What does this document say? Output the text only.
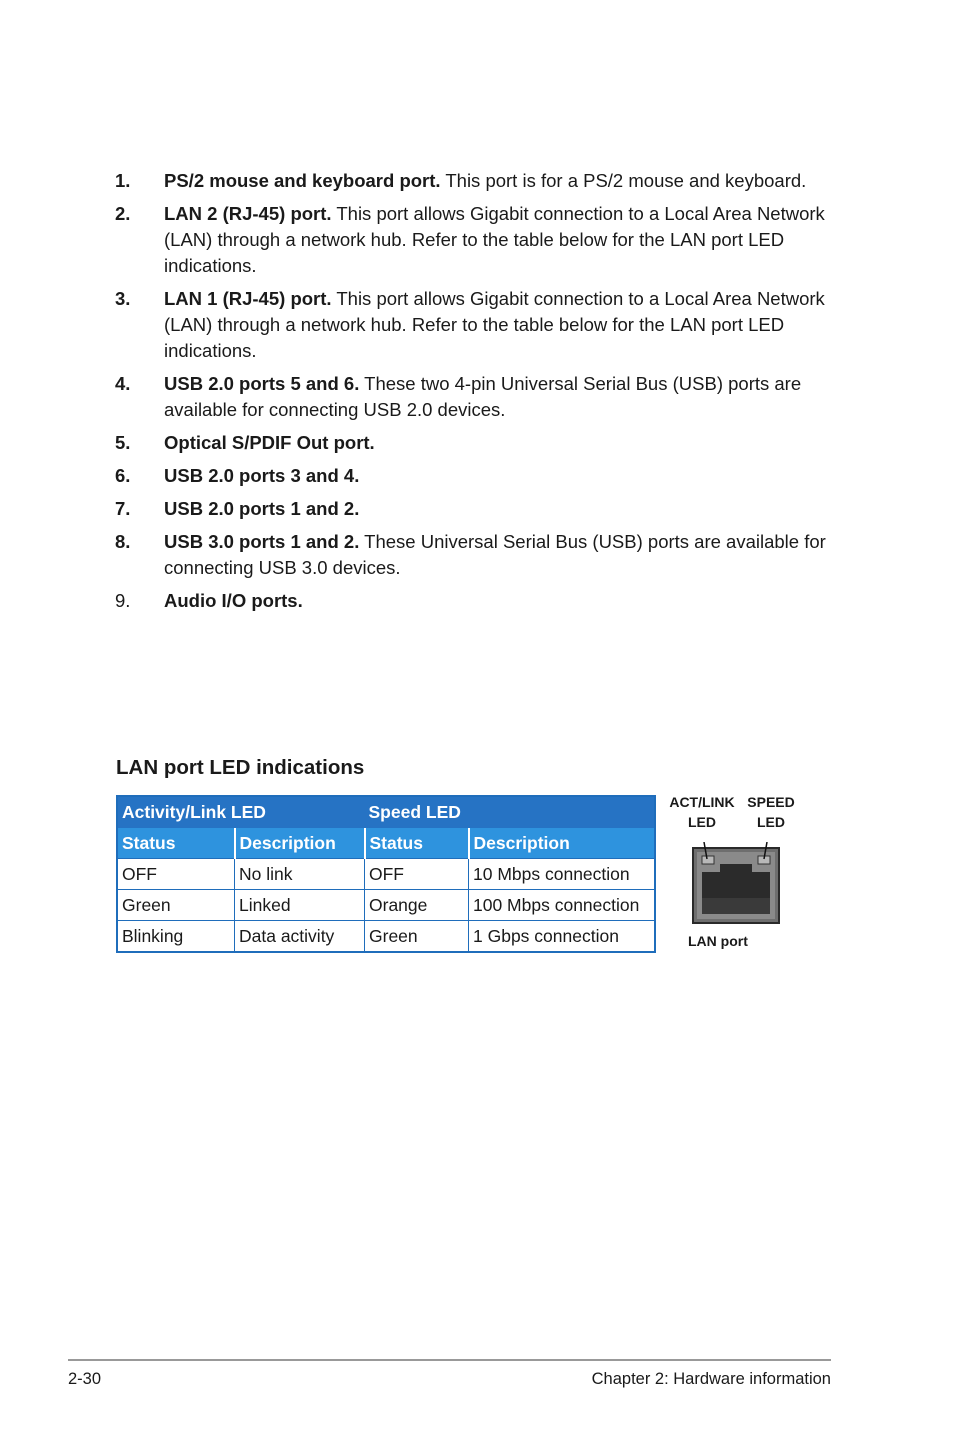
1.	PS/2 mouse and keyboard port. This port is for a PS/2 mouse and keyboard.
2.	LAN 2 (RJ-45) port. This port allows Gigabit connection to a Local Area Network (LAN) through a network hub. Refer to the table below for the LAN port LED indications.
3.	LAN 1 (RJ-45) port. This port allows Gigabit connection to a Local Area Network (LAN) through a network hub. Refer to the table below for the LAN port LED indications.
4.	USB 2.0 ports 5 and 6. These two 4-pin Universal Serial Bus (USB) ports are available for connecting USB 2.0 devices.
5.	Optical S/PDIF Out port.
6.	USB 2.0 ports 3 and 4.
7.	USB 2.0 ports 1 and 2.
8.	USB 3.0 ports 1 and 2. These Universal Serial Bus (USB) ports are available for connecting USB 3.0 devices.
9.	Audio I/O ports.
LAN port LED indications
Activity/Link LED		Speed LED	
Status	Description	Status	Description
OFF	No link	OFF	10 Mbps connection
Green	Linked	Orange	100 Mbps connection
Blinking	Data activity	Green	1 Gbps connection
ACT/LINK
LED
SPEED
LED
LAN port
2-30	Chapter 2: Hardware information
